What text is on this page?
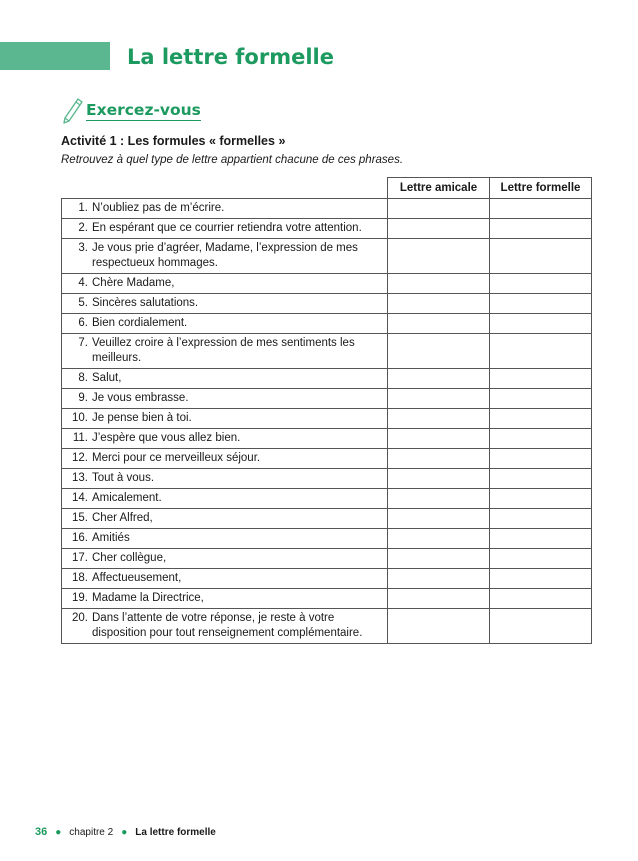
La lettre formelle
Exercez-vous

Activité 1 : Les formules « formelles »

Retrouvez à quel type de lettre appartient chacune de ces phrases.

	Lettre amicale	Lettre formelle

1. N’oubliez pas de m’écrire.		

2. En espérant que ce courrier retiendra votre attention.		

3. Je vous prie d’agréer, Madame, l’expression de mes respectueux hommages.		

4. Chère Madame,		

5. Sincères salutations.		

6. Bien cordialement.		

7. Veuillez croire à l’expression de mes sentiments les meilleurs.		

8. Salut,		

9. Je vous embrasse.		

10. Je pense bien à toi.		

11. J’espère que vous allez bien.		

12. Merci pour ce merveilleux séjour.		

13. Tout à vous.		

14. Amicalement.		

15. Cher Alfred,		

16. Amitiés		

17. Cher collègue,		

18. Affectueusement,		

19. Madame la Directrice,		

20. Dans l’attente de votre réponse, je reste à votre disposition pour tout renseignement complémentaire.		

36 ● chapitre 2 ● La lettre formelle
